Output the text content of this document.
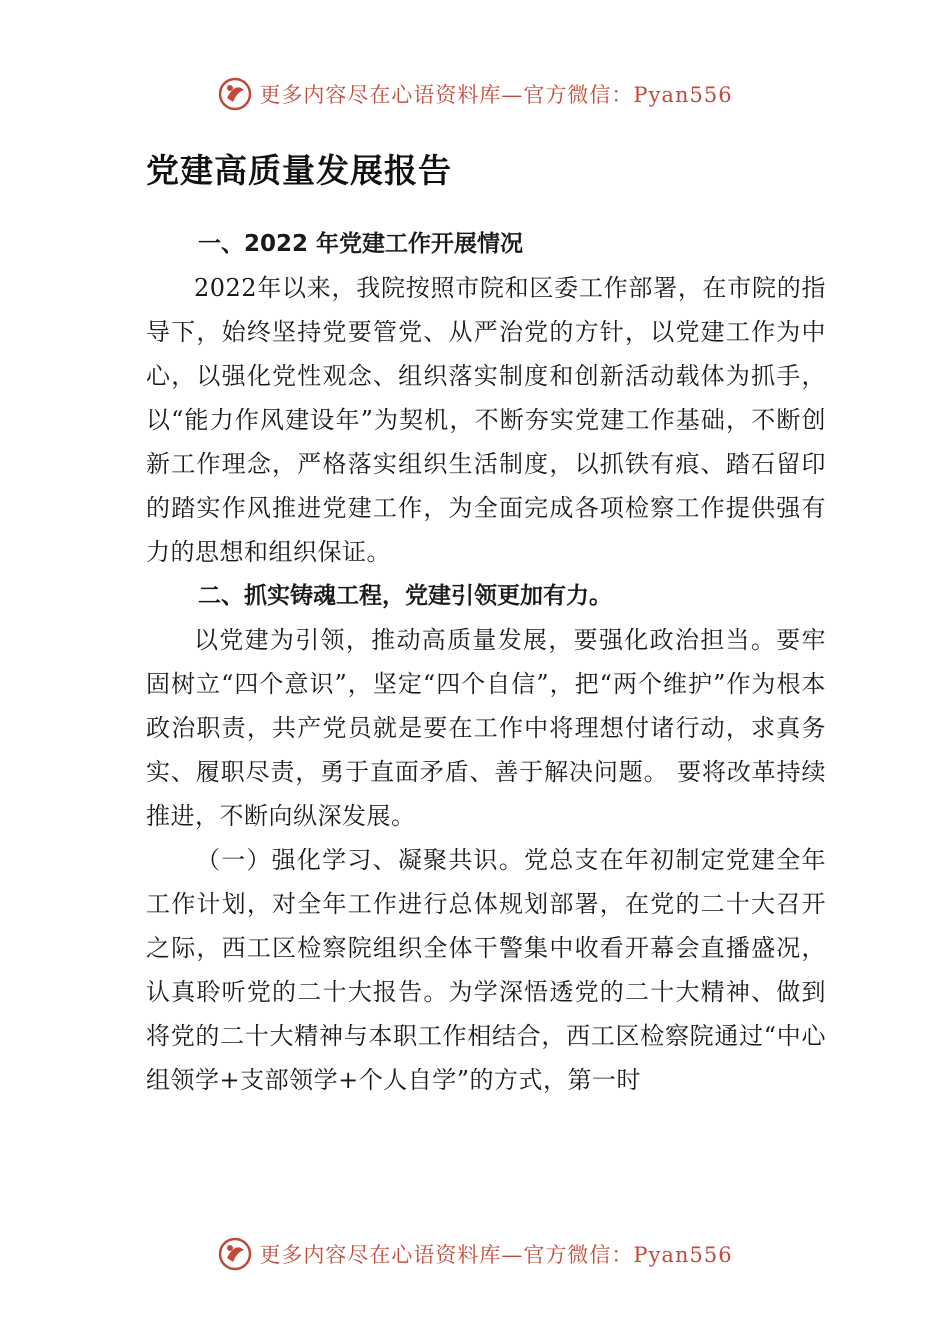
更多内容尽在心语资料库—官方微信：Pyan556
党建高质量发展报告

一、2022 年党建工作开展情况

2022年以来，我院按照市院和区委工作部署，在市院的指导下，始终坚持党要管党、从严治党的方针，以党建工作为中心，以强化党性观念、组织落实制度和创新活动载体为抓手，以“能力作风建设年”为契机，不断夯实党建工作基础，不断创新工作理念，严格落实组织生活制度，以抓铁有痕、踏石留印的踏实作风推进党建工作，为全面完成各项检察工作提供强有力的思想和组织保证。

二、抓实铸魂工程，党建引领更加有力。

以党建为引领，推动高质量发展，要强化政治担当。要牢固树立“四个意识”，坚定“四个自信”，把“两个维护”作为根本政治职责，共产党员就是要在工作中将理想付诸行动，求真务实、履职尽责，勇于直面矛盾、善于解决问题。 要将改革持续推进，不断向纵深发展。

（一）强化学习、凝聚共识。党总支在年初制定党建全年工作计划，对全年工作进行总体规划部署，在党的二十大召开之际，西工区检察院组织全体干警集中收看开幕会直播盛况，认真聆听党的二十大报告。为学深悟透党的二十大精神、做到将党的二十大精神与本职工作相结合，西工区检察院通过“中心组领学+支部领学+个人自学”的方式，第一时

更多内容尽在心语资料库—官方微信：Pyan556
